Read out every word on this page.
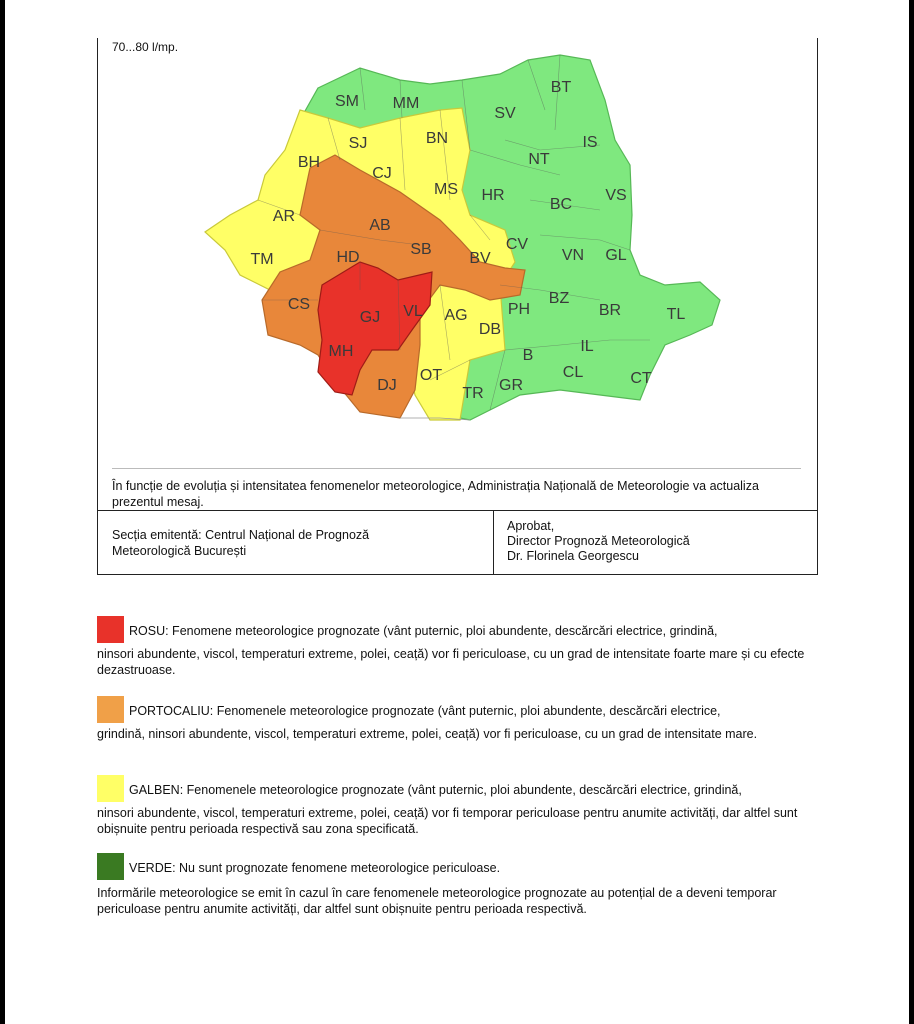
70...80 l/mp.
În funcție de evoluția și intensitatea fenomenelor meteorologice, Administrația Națională de Meteorologie va actualiza prezentul mesaj.
Secția emitentă: Centrul Național de Prognoză
Meteorologică București
Aprobat,
Director Prognoză Meteorologică
Dr. Florinela Georgescu
SM MM
BT
SV
IS
SJ	BN
BH
CJ
NT
MS HR
BC
VS
AR
AB
CV
TM	HD	SB
BV	VN GL
CS
GJ VL AG	PH
BZ
BR	TL
DB
IL
MH	B
DJ
OT	CL	CT
TR GR
ROSU: Fenomene meteorologice prognozate (vânt puternic, ploi abundente, descărcări electrice, grindină,
ninsori abundente, viscol, temperaturi extreme, polei, ceață) vor fi periculoase, cu un grad de intensitate foarte mare și cu efecte dezastruoase.
PORTOCALIU: Fenomenele meteorologice prognozate (vânt puternic, ploi abundente, descărcări electrice,
grindină, ninsori abundente, viscol, temperaturi extreme, polei, ceață) vor fi periculoase, cu un grad de intensitate mare.
GALBEN: Fenomenele meteorologice prognozate (vânt puternic, ploi abundente, descărcări electrice, grindină,
ninsori abundente, viscol, temperaturi extreme, polei, ceață) vor fi temporar periculoase pentru anumite activități, dar altfel sunt obișnuite pentru perioada respectivă sau zona specificată.
VERDE: Nu sunt prognozate fenomene meteorologice periculoase.
Informările meteorologice se emit în cazul în care fenomenele meteorologice prognozate au potențial de a deveni temporar periculoase pentru anumite activități, dar altfel sunt obișnuite pentru perioada respectivă.
